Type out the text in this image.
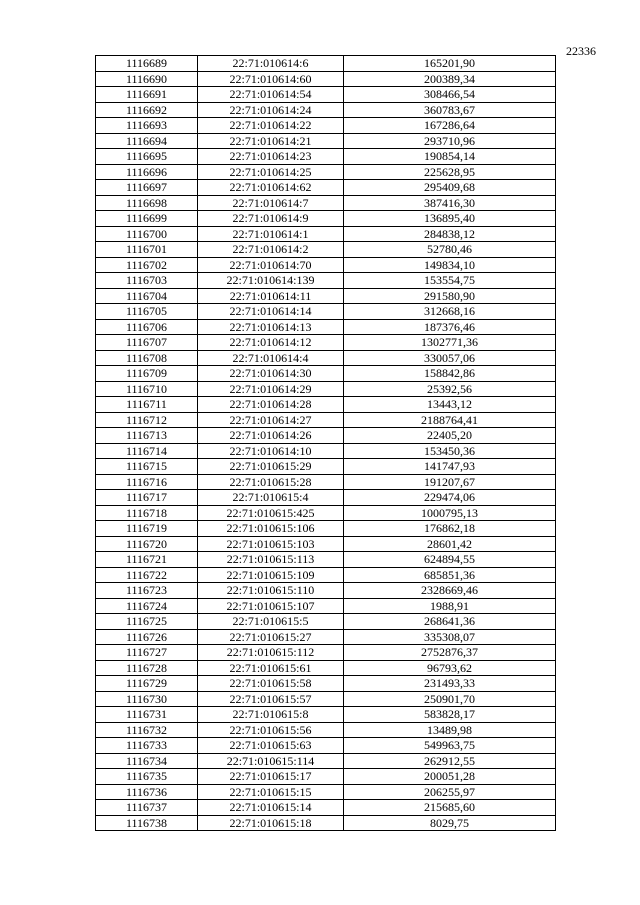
22336
1116689	22:71:010614:6	165201,90
1116690	22:71:010614:60	200389,34
1116691	22:71:010614:54	308466,54
1116692	22:71:010614:24	360783,67
1116693	22:71:010614:22	167286,64
1116694	22:71:010614:21	293710,96
1116695	22:71:010614:23	190854,14
1116696	22:71:010614:25	225628,95
1116697	22:71:010614:62	295409,68
1116698	22:71:010614:7	387416,30
1116699	22:71:010614:9	136895,40
1116700	22:71:010614:1	284838,12
1116701	22:71:010614:2	52780,46
1116702	22:71:010614:70	149834,10
1116703	22:71:010614:139	153554,75
1116704	22:71:010614:11	291580,90
1116705	22:71:010614:14	312668,16
1116706	22:71:010614:13	187376,46
1116707	22:71:010614:12	1302771,36
1116708	22:71:010614:4	330057,06
1116709	22:71:010614:30	158842,86
1116710	22:71:010614:29	25392,56
1116711	22:71:010614:28	13443,12
1116712	22:71:010614:27	2188764,41
1116713	22:71:010614:26	22405,20
1116714	22:71:010614:10	153450,36
1116715	22:71:010615:29	141747,93
1116716	22:71:010615:28	191207,67
1116717	22:71:010615:4	229474,06
1116718	22:71:010615:425	1000795,13
1116719	22:71:010615:106	176862,18
1116720	22:71:010615:103	28601,42
1116721	22:71:010615:113	624894,55
1116722	22:71:010615:109	685851,36
1116723	22:71:010615:110	2328669,46
1116724	22:71:010615:107	1988,91
1116725	22:71:010615:5	268641,36
1116726	22:71:010615:27	335308,07
1116727	22:71:010615:112	2752876,37
1116728	22:71:010615:61	96793,62
1116729	22:71:010615:58	231493,33
1116730	22:71:010615:57	250901,70
1116731	22:71:010615:8	583828,17
1116732	22:71:010615:56	13489,98
1116733	22:71:010615:63	549963,75
1116734	22:71:010615:114	262912,55
1116735	22:71:010615:17	200051,28
1116736	22:71:010615:15	206255,97
1116737	22:71:010615:14	215685,60
1116738	22:71:010615:18	8029,75
